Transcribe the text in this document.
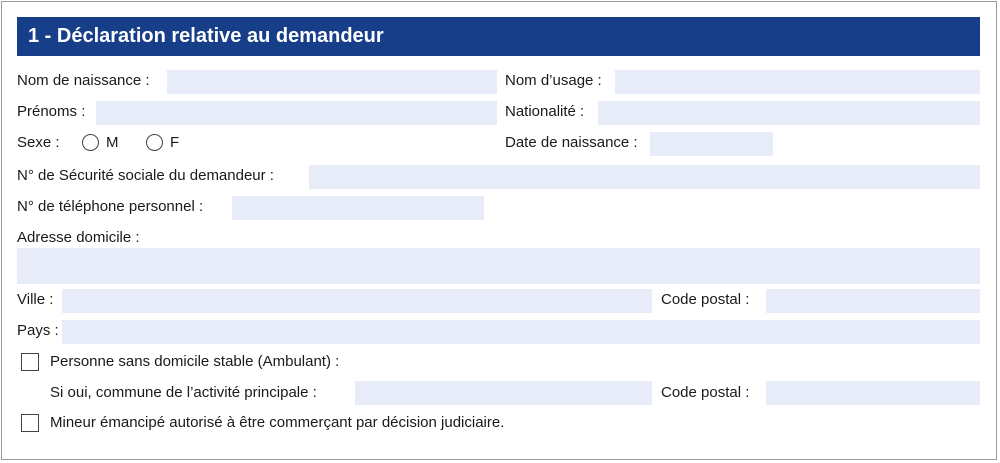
1 - Déclaration relative au demandeur
Nom de naissance :	Nom d’usage :
Prénoms :	Nationalité :
Sexe :	M	F	Date de naissance :
N° de Sécurité sociale du demandeur :
N° de téléphone personnel :
Adresse domicile :
Ville :	Code postal :
Pays :
Personne sans domicile stable (Ambulant) :
Si oui, commune de l’activité principale :	Code postal :
Mineur émancipé autorisé à être commerçant par décision judiciaire.
